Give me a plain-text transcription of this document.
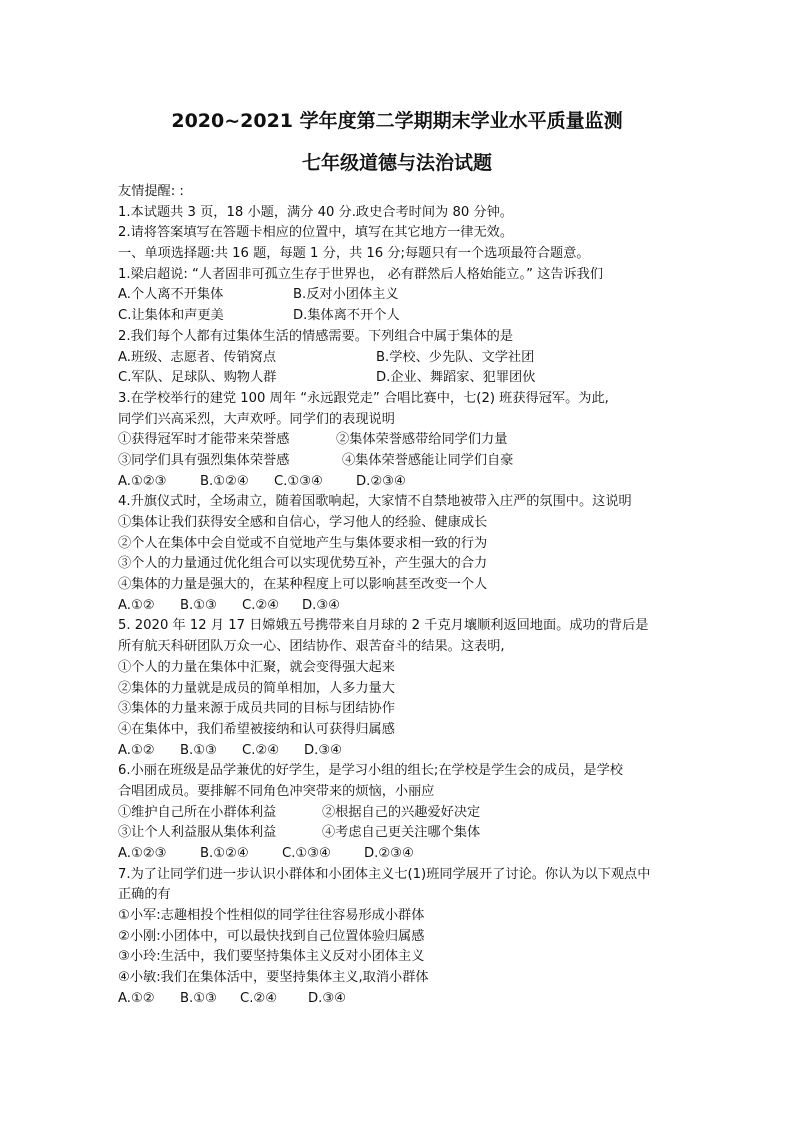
2020~2021 学年度第二学期期末学业水平质量监测
七年级道德与法治试题
友情提醒: :
1.本试题共 3 页，18 小题，满分 40 分.政史合考时间为 80 分钟。
2.请将答案填写在答题卡相应的位置中，填写在其它地方一律无效。
一、单项选择题:共 16 题，每题 1 分，共 16 分;每题只有一个选项最符合题意。
1.梁启超说: “人者固非可孤立生存于世界也， 必有群然后人格始能立。” 这告诉我们
A.个人离不开集体	B.反对小团体主义
C.让集体和声更美	D.集体离不开个人
2.我们每个人都有过集体生活的情感需要。下列组合中属于集体的是
A.班级、志愿者、传销窝点	B.学校、少先队、文学社团
C.军队、足球队、购物人群	D.企业、舞蹈家、犯罪团伙
3.在学校举行的建党 100 周年 “永远跟党走” 合唱比赛中，七(2) 班获得冠军。为此,
同学们兴高采烈，大声欢呼。同学们的表现说明
①获得冠军时才能带来荣誉感	②集体荣誉感带给同学们力量
③同学们具有强烈集体荣誉感	④集体荣誉感能让同学们自豪
A.①②③	B.①②④	C.①③④	D.②③④
4.升旗仪式时，全场肃立，随着国歌响起，大家情不自禁地被带入庄严的氛围中。这说明
①集体让我们获得安全感和自信心，学习他人的经验、健康成长
②个人在集体中会自觉或不自觉地产生与集体要求相一致的行为
③个人的力量通过优化组合可以实现优势互补，产生强大的合力
④集体的力量是强大的，在某种程度上可以影响甚至改变一个人
A.①②	B.①③	C.②④	D.③④
5. 2020 年 12 月 17 日嫦娥五号携带来自月球的 2 千克月壤顺利返回地面。成功的背后是
所有航天科研团队万众一心、团结协作、艰苦奋斗的结果。这表明,
①个人的力量在集体中汇聚，就会变得强大起来
②集体的力量就是成员的简单相加，人多力量大
③集体的力量来源于成员共同的目标与团结协作
④在集体中，我们希望被接纳和认可获得归属感
A.①②	B.①③	C.②④	D.③④
6.小丽在班级是品学兼优的好学生，是学习小组的组长;在学校是学生会的成员，是学校
合唱团成员。要排解不同角色冲突带来的烦恼，小丽应
①维护自己所在小群体利益	②根据自己的兴趣爱好决定
③让个人利益服从集体利益	④考虑自己更关注哪个集体
A.①②③	B.①②④	C.①③④	D.②③④
7.为了让同学们进一步认识小群体和小团体主义七(1)班同学展开了讨论。你认为以下观点中
正确的有
①小军:志趣相投个性相似的同学往往容易形成小群体
②小刚:小团体中，可以最快找到自己位置体验归属感
③小玲:生活中，我们要坚持集体主义反对小团体主义
④小敏:我们在集体活中，要坚持集体主义,取消小群体
A.①②	B.①③	C.②④	D.③④
